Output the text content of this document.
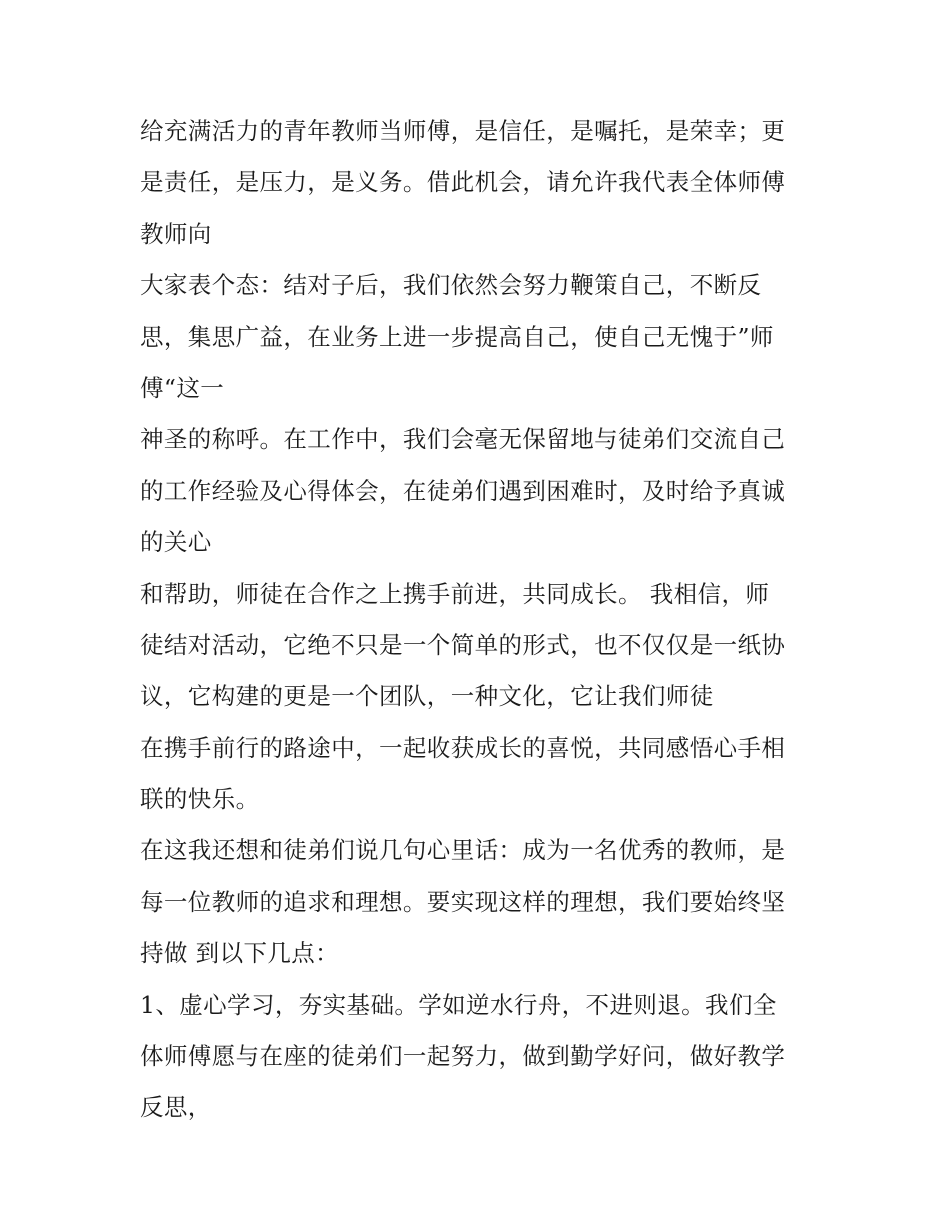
给充满活力的青年教师当师傅，是信任，是嘱托，是荣幸；更
是责任，是压力，是义务。借此机会，请允许我代表全体师傅
教师向
大家表个态：结对子后，我们依然会努力鞭策自己，不断反
思，集思广益，在业务上进一步提高自己，使自己无愧于”师
傅“这一
神圣的称呼。在工作中，我们会毫无保留地与徒弟们交流自己
的工作经验及心得体会，在徒弟们遇到困难时，及时给予真诚
的关心
和帮助，师徒在合作之上携手前进，共同成长。 我相信，师
徒结对活动，它绝不只是一个简单的形式，也不仅仅是一纸协
议，它构建的更是一个团队，一种文化，它让我们师徒
在携手前行的路途中，一起收获成长的喜悦，共同感悟心手相
联的快乐。
在这我还想和徒弟们说几句心里话：成为一名优秀的教师，是
每一位教师的追求和理想。要实现这样的理想，我们要始终坚
持做 到以下几点：
1、虚心学习，夯实基础。学如逆水行舟，不进则退。我们全
体师傅愿与在座的徒弟们一起努力，做到勤学好问，做好教学
反思，
